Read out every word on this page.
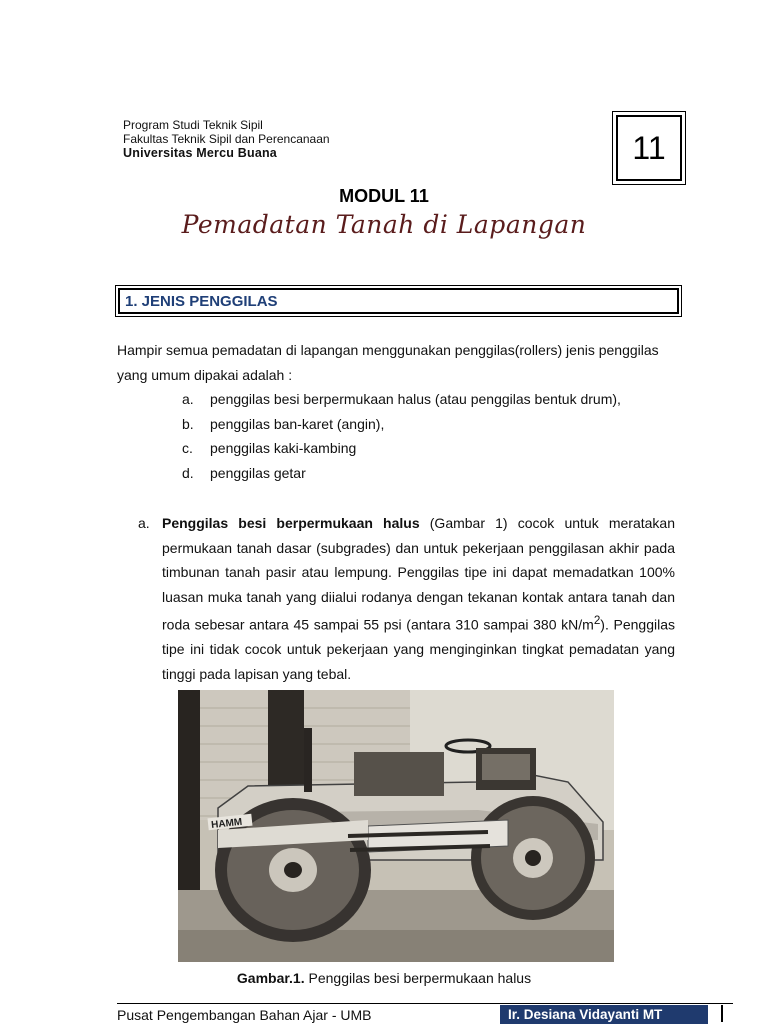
Program Studi Teknik Sipil
Fakultas Teknik Sipil dan Perencanaan
Universitas Mercu Buana	11
MODUL 11
Pemadatan Tanah di Lapangan
1. JENIS PENGGILAS
Hampir semua pemadatan di lapangan menggunakan penggilas(rollers) jenis penggilas yang umum dipakai adalah :
a.	penggilas besi berpermukaan halus (atau penggilas bentuk drum),
b.	penggilas ban-karet (angin),
c.	penggilas kaki-kambing
d.	penggilas getar
a. Penggilas besi berpermukaan halus (Gambar 1) cocok untuk meratakan permukaan tanah dasar (subgrades) dan untuk pekerjaan penggilasan akhir pada timbunan tanah pasir atau lempung. Penggilas tipe ini dapat memadatkan 100% luasan muka tanah yang diialui rodanya dengan tekanan kontak antara tanah dan roda sebesar antara 45 sampai 55 psi (antara 310 sampai 380 $kN/m^2$). Penggilas tipe ini tidak cocok untuk pekerjaan yang menginginkan tingkat pemadatan yang tinggi pada lapisan yang tebal.
HAMM
Gambar.1. Penggilas besi berpermukaan halus
Pusat Pengembangan Bahan Ajar - UMB	Ir. Desiana Vidayanti MT
